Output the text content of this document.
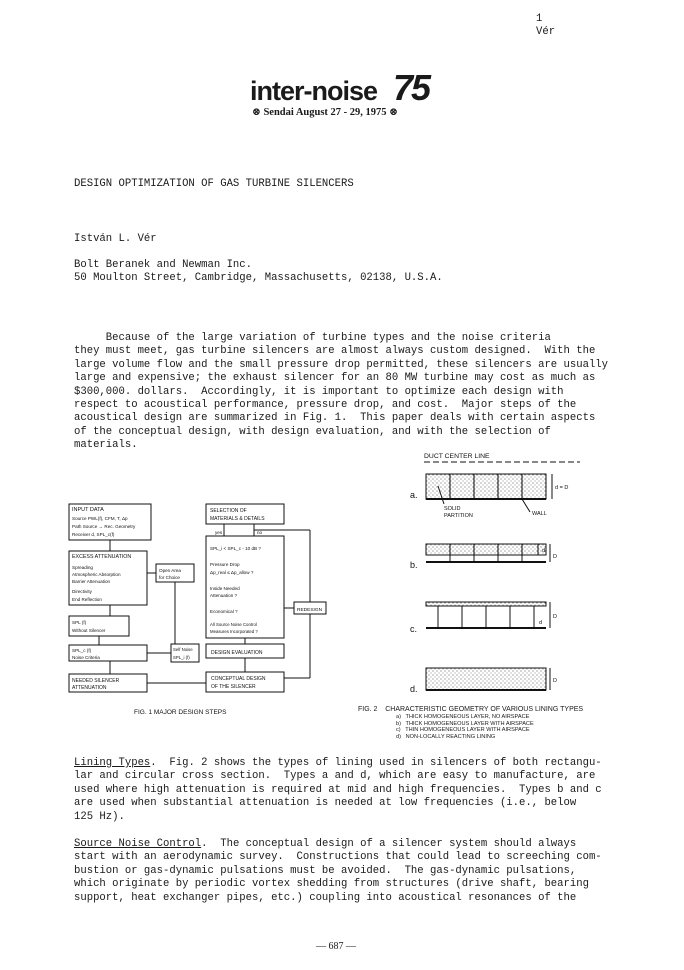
1
Vér
inter-noise 75
⊗ Sendai August 27 - 29, 1975 ⊗
DESIGN OPTIMIZATION OF GAS TURBINE SILENCERS
István L. Vér
Bolt Beranek and Newman Inc.
50 Moulton Street, Cambridge, Massachusetts, 02138, U.S.A.
Because of the large variation of turbine types and the noise criteria
they must meet, gas turbine silencers are almost always custom designed.  With the
large volume flow and the small pressure drop permitted, these silencers are usually
large and expensive; the exhaust silencer for an 80 MW turbine may cost as much as
$300,000. dollars.  Accordingly, it is important to optimize each design with
respect to acoustical performance, pressure drop, and cost.  Major steps of the
acoustical design are summarized in Fig. 1.  This paper deals with certain aspects
of the conceptual design, with design evaluation, and with the selection of
materials.
INPUT DATA
Source PWL(f), CFM, T, Δp
Path Source → Rec. Geometry
Receiver d, SPL_c(f)
EXCESS ATTENUATION
Spreading
Atmospheric Absorption
Barrier Attenuation
Directivity
End Reflection
Open Area
for Choice
SPL (f)
Without Silencer
SPL_c (f)
Noise Criteria
Self Noise
SPL_i (f)
NEEDED SILENCER
ATTENUATION
SELECTION OF
MATERIALS & DETAILS
yes	no
SPL_i < SPL_c - 10 dB ?
Pressure Drop
Δp_real ≤ Δp_allow ?
Inside Needed
Attenuation ?
Economical ?
All Source Noise Control
Measures Incorporated ?
REDESIGN
DESIGN EVALUATION
CONCEPTUAL DESIGN
OF THE SILENCER
FIG. 1 MAJOR DESIGN STEPS
DUCT CENTER LINE
d = D
a.
SOLID
PARTITION	WALL
d
D
b.
d
D
c.
D
d.
FIG. 2    CHARACTERISTIC GEOMETRY OF VARIOUS LINING TYPES
a)   THICK HOMOGENEOUS LAYER, NO AIRSPACE
b)   THICK HOMOGENEOUS LAYER WITH AIRSPACE
c)   THIN HOMOGENEOUS LAYER WITH AIRSPACE
d)   NON-LOCALLY REACTING LINING
Lining Types.  Fig. 2 shows the types of lining used in silencers of both rectangu-
lar and circular cross section.  Types a and d, which are easy to manufacture, are
used where high attenuation is required at mid and high frequencies.  Types b and c
are used when substantial attenuation is needed at low frequencies (i.e., below
125 Hz).
Source Noise Control.  The conceptual design of a silencer system should always
start with an aerodynamic survey.  Constructions that could lead to screeching com-
bustion or gas-dynamic pulsations must be avoided.  The gas-dynamic pulsations,
which originate by periodic vortex shedding from structures (drive shaft, bearing
support, heat exchanger pipes, etc.) coupling into acoustical resonances of the
— 687 —
